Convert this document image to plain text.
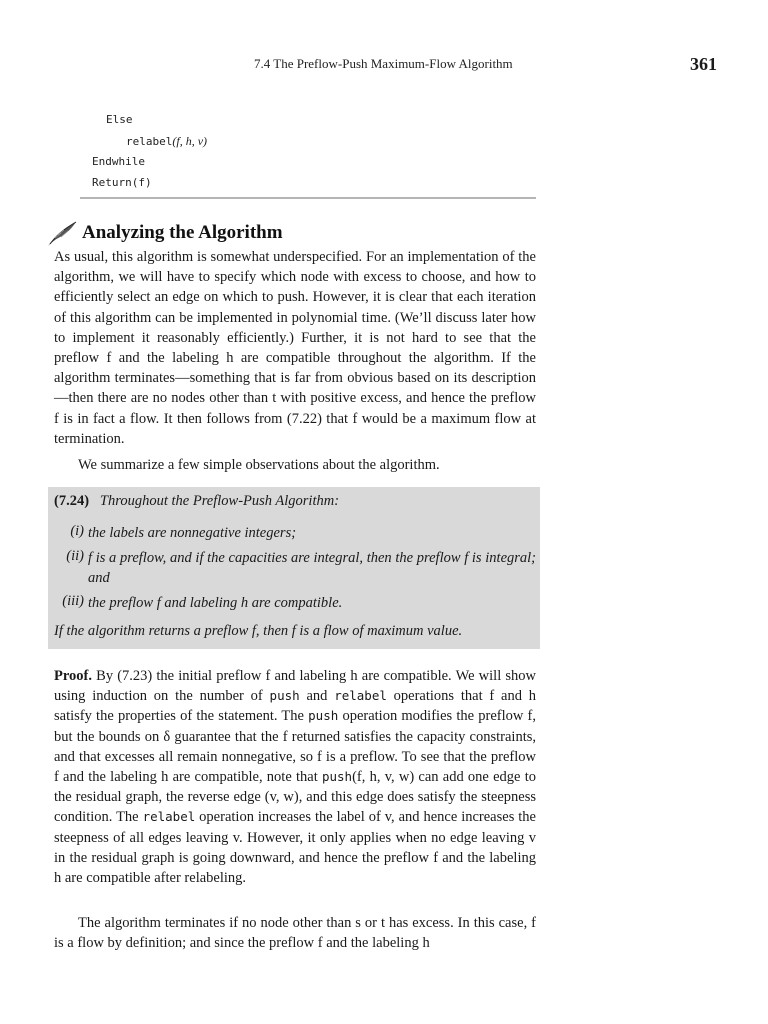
7.4 The Preflow-Push Maximum-Flow Algorithm	361
Else
relabel(f, h, v)
Endwhile
Return(f)
Analyzing the Algorithm

As usual, this algorithm is somewhat underspecified. For an implementation of the algorithm, we will have to specify which node with excess to choose, and how to efficiently select an edge on which to push. However, it is clear that each iteration of this algorithm can be implemented in polynomial time. (We’ll discuss later how to implement it reasonably efficiently.) Further, it is not hard to see that the preflow f and the labeling h are compatible throughout the algorithm. If the algorithm terminates—something that is far from obvious based on its description—then there are no nodes other than t with positive excess, and hence the preflow f is in fact a flow. It then follows from (7.22) that f would be a maximum flow at termination.

We summarize a few simple observations about the algorithm.

(7.24) Throughout the Preflow-Push Algorithm:
(i) the labels are nonnegative integers;
(ii) f is a preflow, and if the capacities are integral, then the preflow f is integral; and
(iii) the preflow f and labeling h are compatible.
If the algorithm returns a preflow f, then f is a flow of maximum value.

Proof. By (7.23) the initial preflow f and labeling h are compatible. We will show using induction on the number of push and relabel operations that f and h satisfy the properties of the statement. The push operation modifies the preflow f, but the bounds on δ guarantee that the f returned satisfies the capacity constraints, and that excesses all remain nonnegative, so f is a preflow. To see that the preflow f and the labeling h are compatible, note that push(f, h, v, w) can add one edge to the residual graph, the reverse edge (v, w), and this edge does satisfy the steepness condition. The relabel operation increases the label of v, and hence increases the steepness of all edges leaving v. However, it only applies when no edge leaving v in the residual graph is going downward, and hence the preflow f and the labeling h are compatible after relabeling.

The algorithm terminates if no node other than s or t has excess. In this case, f is a flow by definition; and since the preflow f and the labeling h
